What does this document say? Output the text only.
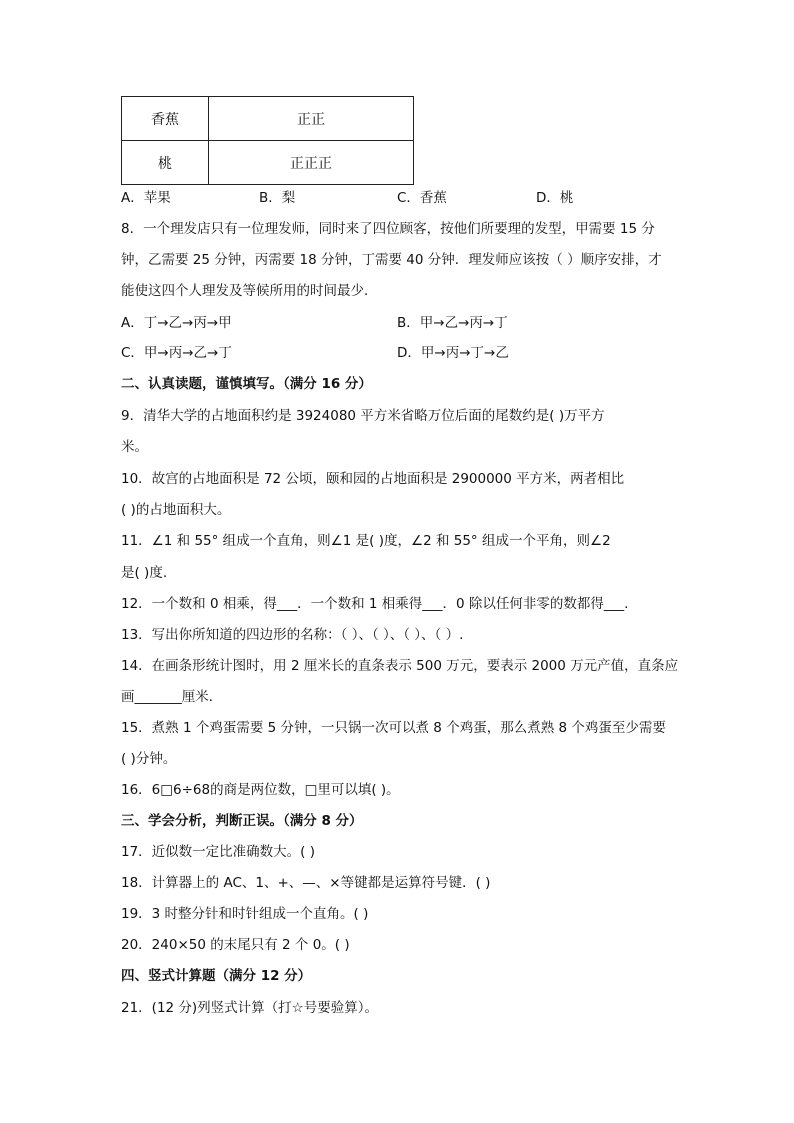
香蕉	正正
桃	正正正
A．苹果	B．梨	C．香蕉	D．桃
8．一个理发店只有一位理发师，同时来了四位顾客，按他们所要理的发型，甲需要 15 分
钟，乙需要 25 分钟，丙需要 18 分钟，丁需要 40 分钟．理发师应该按（ ）顺序安排，才
能使这四个人理发及等候所用的时间最少．
A．丁→乙→丙→甲	B．甲→乙→丙→丁
C．甲→丙→乙→丁	D．甲→丙→丁→乙
二、认真读题，谨慎填写。（满分 16 分）
9．清华大学的占地面积约是 3924080 平方米省略万位后面的尾数约是( )万平方
米。
10．故宫的占地面积是 72 公顷，颐和园的占地面积是 2900000 平方米，两者相比
( )的占地面积大。
11．∠1 和 55° 组成一个直角，则∠1 是( )度，∠2 和 55° 组成一个平角，则∠2
是( )度.
12．一个数和 0 相乘，得___．一个数和 1 相乘得___．0 除以任何非零的数都得___.
13．写出你所知道的四边形的名称：（ ）、（ ）、（ ）、（ ）.
14．在画条形统计图时，用 2 厘米长的直条表示 500 万元，要表示 2000 万元产值，直条应
画_______厘米．
15．煮熟 1 个鸡蛋需要 5 分钟，一只锅一次可以煮 8 个鸡蛋，那么煮熟 8 个鸡蛋至少需要
( )分钟。
16．6□6÷68的商是两位数，□里可以填( )。
三、学会分析，判断正误。（满分 8 分）
17．近似数一定比准确数大。( )
18．计算器上的 AC、1、+、—、×等键都是运算符号键．( )
19．3 时整分针和时针组成一个直角。( )
20．240×50 的末尾只有 2 个 0。( )
四、竖式计算题（满分 12 分）
21．(12 分)列竖式计算（打☆号要验算）。
